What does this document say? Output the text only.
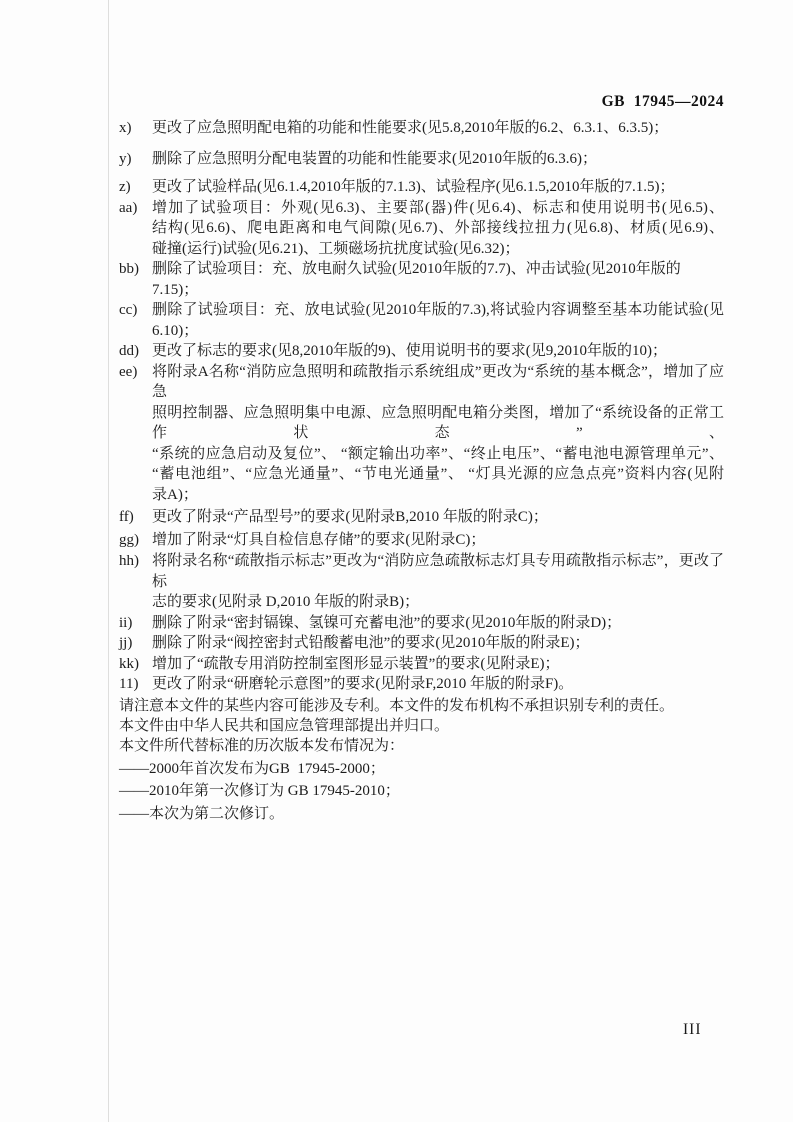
GB  17945—2024
x)	更改了应急照明配电箱的功能和性能要求(见5.8,2010年版的6.2、6.3.1、6.3.5)；
y)	删除了应急照明分配电装置的功能和性能要求(见2010年版的6.3.6)；
z)	更改了试验样品(见6.1.4,2010年版的7.1.3)、试验程序(见6.1.5,2010年版的7.1.5)；
aa) 增加了试验项目：外观(见6.3)、主要部(器)件(见6.4)、标志和使用说明书(见6.5)、
结构(见6.6)、爬电距离和电气间隙(见6.7)、外部接线拉扭力(见6.8)、材质(见6.9)、
碰撞(运行)试验(见6.21)、工频磁场抗扰度试验(见6.32)；
bb) 删除了试验项目：充、放电耐久试验(见2010年版的7.7)、冲击试验(见2010年版的7.15)；
cc) 删除了试验项目：充、放电试验(见2010年版的7.3),将试验内容调整至基本功能试验(见
6.10)；
dd) 更改了标志的要求(见8,2010年版的9)、使用说明书的要求(见9,2010年版的10)；
ee) 将附录A名称“消防应急照明和疏散指示系统组成”更改为“系统的基本概念”，增加了应急
照明控制器、应急照明集中电源、应急照明配电箱分类图，增加了“系统设备的正常工作状态”、
“系统的应急启动及复位”、 “额定输出功率”、“终止电压”、“蓄电池电源管理单元”、
“蓄电池组”、“应急光通量”、“节电光通量”、 “灯具光源的应急点亮”资料内容(见附
录A)；
ff)	更改了附录“产品型号”的要求(见附录B,2010 年版的附录C)；
gg) 增加了附录“灯具自检信息存储”的要求(见附录C)；
hh) 将附录名称“疏散指示标志”更改为“消防应急疏散标志灯具专用疏散指示标志”，更改了标
志的要求(见附录 D,2010 年版的附录B)；
ii)	删除了附录“密封镉镍、氢镍可充蓄电池”的要求(见2010年版的附录D)；
jj)	删除了附录“阀控密封式铅酸蓄电池”的要求(见2010年版的附录E)；
kk) 增加了“疏散专用消防控制室图形显示装置”的要求(见附录E)；
11) 更改了附录“研磨轮示意图”的要求(见附录F,2010 年版的附录F)。
请注意本文件的某些内容可能涉及专利。本文件的发布机构不承担识别专利的责任。
本文件由中华人民共和国应急管理部提出并归口。
本文件所代替标准的历次版本发布情况为：
——2000年首次发布为GB  17945-2000；
——2010年第一次修订为 GB 17945-2010；
——本次为第二次修订。
III
